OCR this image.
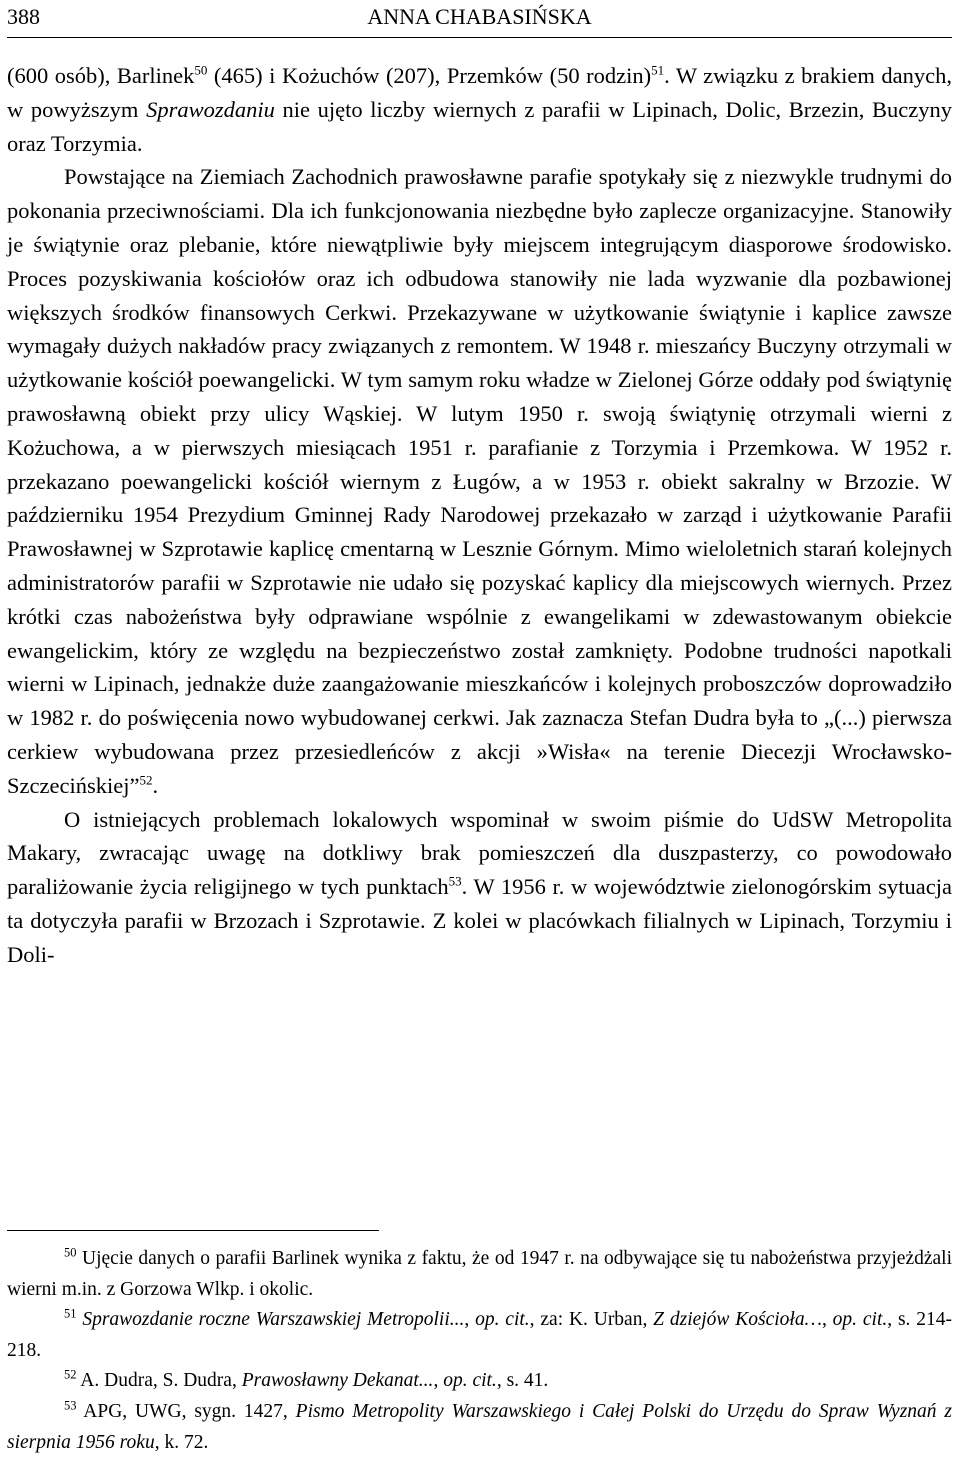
388	ANNA CHABASIŃSKA

(600 osób), Barlinek$^{50}$ (465) i Kożuchów (207), Przemków (50 rodzin)$^{51}$. W związku z brakiem danych, w powyższym Sprawozdaniu nie ujęto liczby wiernych z parafii w Lipinach, Dolic, Brzezin, Buczyny oraz Torzymia.

Powstające na Ziemiach Zachodnich prawosławne parafie spotykały się z niezwykle trudnymi do pokonania przeciwnościami. Dla ich funkcjonowania niezbędne było zaplecze organizacyjne. Stanowiły je świątynie oraz plebanie, które niewątpliwie były miejscem integrującym diasporowe środowisko. Proces pozyskiwania kościołów oraz ich odbudowa stanowiły nie lada wyzwanie dla pozbawionej większych środków finansowych Cerkwi. Przekazywane w użytkowanie świątynie i kaplice zawsze wymagały dużych nakładów pracy związanych z remontem. W 1948 r. mieszańcy Buczyny otrzymali w użytkowanie kościół poewangelicki. W tym samym roku władze w Zielonej Górze oddały pod świątynię prawosławną obiekt przy ulicy Wąskiej. W lutym 1950 r. swoją świątynię otrzymali wierni z Kożuchowa, a w pierwszych miesiącach 1951 r. parafianie z Torzymia i Przemkowa. W 1952 r. przekazano poewangelicki kościół wiernym z Ługów, a w 1953 r. obiekt sakralny w Brzozie. W październiku 1954 Prezydium Gminnej Rady Narodowej przekazało w zarząd i użytkowanie Parafii Prawosławnej w Szprotawie kaplicę cmentarną w Lesznie Górnym. Mimo wieloletnich starań kolejnych administratorów parafii w Szprotawie nie udało się pozyskać kaplicy dla miejscowych wiernych. Przez krótki czas nabożeństwa były odprawiane wspólnie z ewangelikami w zdewastowanym obiekcie ewangelickim, który ze względu na bezpieczeństwo został zamknięty. Podobne trudności napotkali wierni w Lipinach, jednakże duże zaangażowanie mieszkańców i kolejnych proboszczów doprowadziło w 1982 r. do poświęcenia nowo wybudowanej cerkwi. Jak zaznacza Stefan Dudra była to „(...) pierwsza cerkiew wybudowana przez przesiedleńców z akcji »Wisła« na terenie Diecezji Wrocławsko-Szczecińskiej”$^{52}$.

O istniejących problemach lokalowych wspominał w swoim piśmie do UdSW Metropolita Makary, zwracając uwagę na dotkliwy brak pomieszczeń dla duszpasterzy, co powodowało paraliżowanie życia religijnego w tych punktach$^{53}$. W 1956 r. w województwie zielonogórskim sytuacja ta dotyczyła parafii w Brzozach i Szprotawie. Z kolei w placówkach filialnych w Lipinach, Torzymiu i Doli-

$^{50}$ Ujęcie danych o parafii Barlinek wynika z faktu, że od 1947 r. na odbywające się tu nabożeństwa przyjeżdżali wierni m.in. z Gorzowa Wlkp. i okolic.

$^{51}$ Sprawozdanie roczne Warszawskiej Metropolii..., op. cit., za: K. Urban, Z dziejów Kościoła…, op. cit., s. 214-218.

$^{52}$ A. Dudra, S. Dudra, Prawosławny Dekanat..., op. cit., s. 41.

$^{53}$ APG, UWG, sygn. 1427, Pismo Metropolity Warszawskiego i Całej Polski do Urzędu do Spraw Wyznań z sierpnia 1956 roku, k. 72.
